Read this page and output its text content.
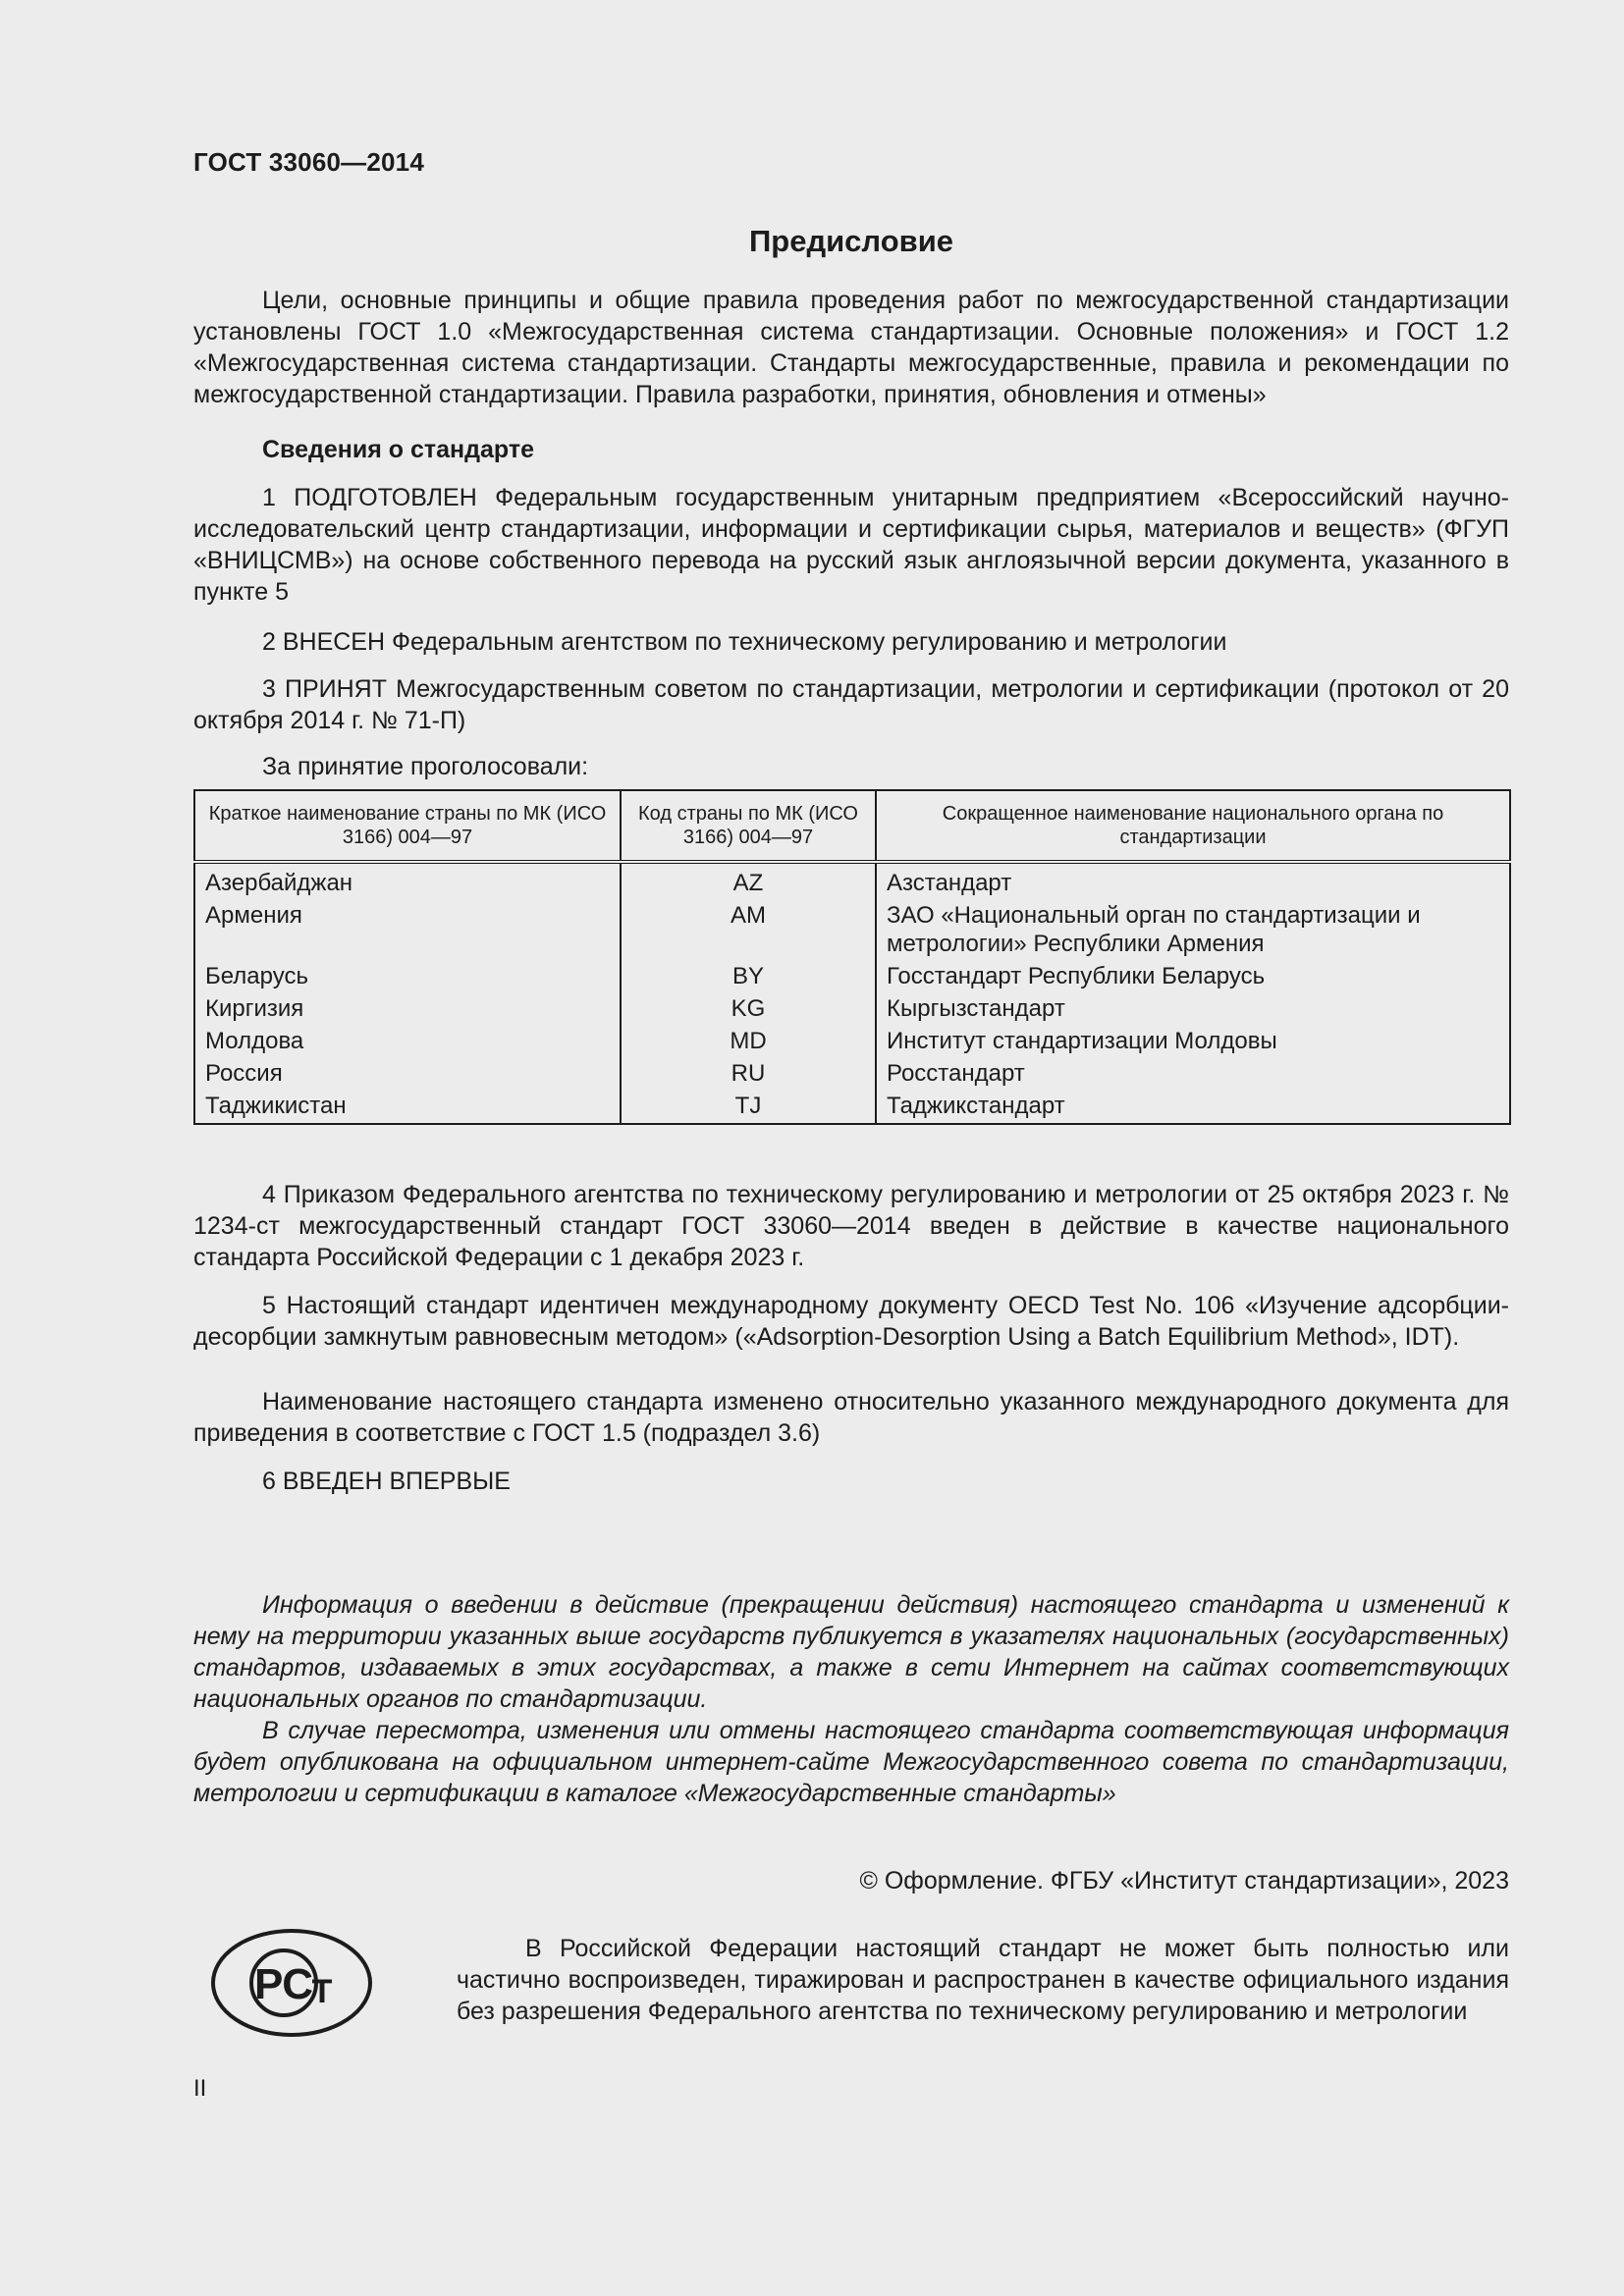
ГОСТ 33060—2014
Предисловие

Цели, основные принципы и общие правила проведения работ по межгосударственной стандартизации установлены ГОСТ 1.0 «Межгосударственная система стандартизации. Основные положения» и ГОСТ 1.2 «Межгосударственная система стандартизации. Стандарты межгосударственные, правила и рекомендации по межгосударственной стандартизации. Правила разработки, принятия, обновления и отмены»

Сведения о стандарте

1 ПОДГОТОВЛЕН Федеральным государственным унитарным предприятием «Всероссийский научно-исследовательский центр стандартизации, информации и сертификации сырья, материалов и веществ» (ФГУП «ВНИЦСМВ») на основе собственного перевода на русский язык англоязычной версии документа, указанного в пункте 5

2 ВНЕСЕН Федеральным агентством по техническому регулированию и метрологии

3 ПРИНЯТ Межгосударственным советом по стандартизации, метрологии и сертификации (протокол от 20 октября 2014 г. № 71-П)

За принятие проголосовали:
Краткое наименование страны по МК (ИСО 3166) 004—97	Код страны по МК (ИСО 3166) 004—97	Сокращенное наименование национального органа по стандартизации
Азербайджан	AZ	Азстандарт
Армения	AM	ЗАО «Национальный орган по стандартизации и метрологии» Республики Армения
Беларусь	BY	Госстандарт Республики Беларусь
Киргизия	KG	Кыргызстандарт
Молдова	MD	Институт стандартизации Молдовы
Россия	RU	Росстандарт
Таджикистан	TJ	Таджикстандарт

4 Приказом Федерального агентства по техническому регулированию и метрологии от 25 октября 2023 г. № 1234-ст межгосударственный стандарт ГОСТ 33060—2014 введен в действие в качестве национального стандарта Российской Федерации с 1 декабря 2023 г.

5 Настоящий стандарт идентичен международному документу OECD Test No. 106 «Изучение адсорбции-десорбции замкнутым равновесным методом» («Adsorption-Desorption Using a Batch Equilibrium Method», IDT).

Наименование настоящего стандарта изменено относительно указанного международного документа для приведения в соответствие с ГОСТ 1.5 (подраздел 3.6)

6 ВВЕДЕН ВПЕРВЫЕ

Информация о введении в действие (прекращении действия) настоящего стандарта и изменений к нему на территории указанных выше государств публикуется в указателях национальных (государственных) стандартов, издаваемых в этих государствах, а также в сети Интернет на сайтах соответствующих национальных органов по стандартизации.

В случае пересмотра, изменения или отмены настоящего стандарта соответствующая информация будет опубликована на официальном интернет-сайте Межгосударственного совета по стандартизации, метрологии и сертификации в каталоге «Межгосударственные стандарты»

© Оформление. ФГБУ «Институт стандартизации», 2023
РС
Т

В Российской Федерации настоящий стандарт не может быть полностью или частично воспроизведен, тиражирован и распространен в качестве официального издания без разрешения Федерального агентства по техническому регулированию и метрологии

II
